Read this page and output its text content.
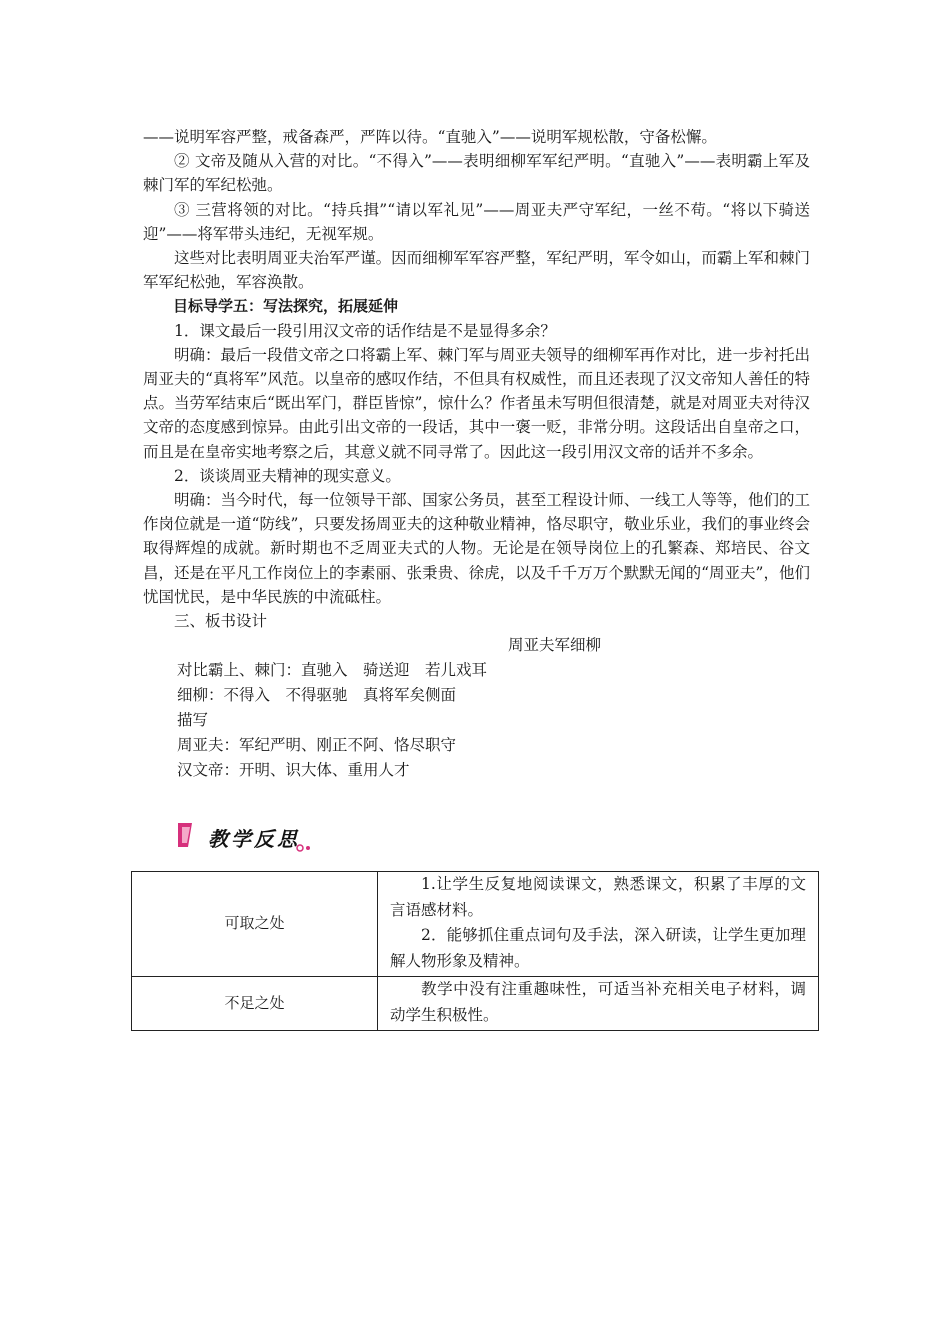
——说明军容严整，戒备森严，严阵以待。“直驰入”——说明军规松散，守备松懈。

② 文帝及随从入营的对比。“不得入”——表明细柳军军纪严明。“直驰入”——表明霸上军及棘门军的军纪松弛。

③ 三营将领的对比。“持兵揖”“请以军礼见”——周亚夫严守军纪，一丝不苟。“将以下骑送迎”——将军带头违纪，无视军规。

这些对比表明周亚夫治军严谨。因而细柳军军容严整，军纪严明，军令如山，而霸上军和棘门军军纪松弛，军容涣散。

目标导学五：写法探究，拓展延伸

1．课文最后一段引用汉文帝的话作结是不是显得多余？

明确：最后一段借文帝之口将霸上军、棘门军与周亚夫领导的细柳军再作对比，进一步衬托出周亚夫的“真将军”风范。以皇帝的感叹作结，不但具有权威性，而且还表现了汉文帝知人善任的特点。当劳军结束后“既出军门，群臣皆惊”，惊什么？作者虽未写明但很清楚，就是对周亚夫对待汉文帝的态度感到惊异。由此引出文帝的一段话，其中一褒一贬，非常分明。这段话出自皇帝之口，而且是在皇帝实地考察之后，其意义就不同寻常了。因此这一段引用汉文帝的话并不多余。

2．谈谈周亚夫精神的现实意义。

明确：当今时代，每一位领导干部、国家公务员，甚至工程设计师、一线工人等等，他们的工作岗位就是一道“防线”，只要发扬周亚夫的这种敬业精神，恪尽职守，敬业乐业，我们的事业终会取得辉煌的成就。新时期也不乏周亚夫式的人物。无论是在领导岗位上的孔繁森、郑培民、谷文昌，还是在平凡工作岗位上的李素丽、张秉贵、徐虎，以及千千万万个默默无闻的“周亚夫”，他们忧国忧民，是中华民族的中流砥柱。

三、板书设计

周亚夫军细柳

对比霸上、棘门：直驰入　骑送迎　若儿戏耳

细柳：不得入　不得驱驰　真将军矣侧面

描写

周亚夫：军纪严明、刚正不阿、恪尽职守

汉文帝：开明、识大体、重用人才

教学反思
可取之处	1.让学生反复地阅读课文，熟悉课文，积累了丰厚的文言语感材料。

2．能够抓住重点词句及手法，深入研读，让学生更加理解人物形象及精神。

不足之处	教学中没有注重趣味性，可适当补充相关电子材料，调动学生积极性。
